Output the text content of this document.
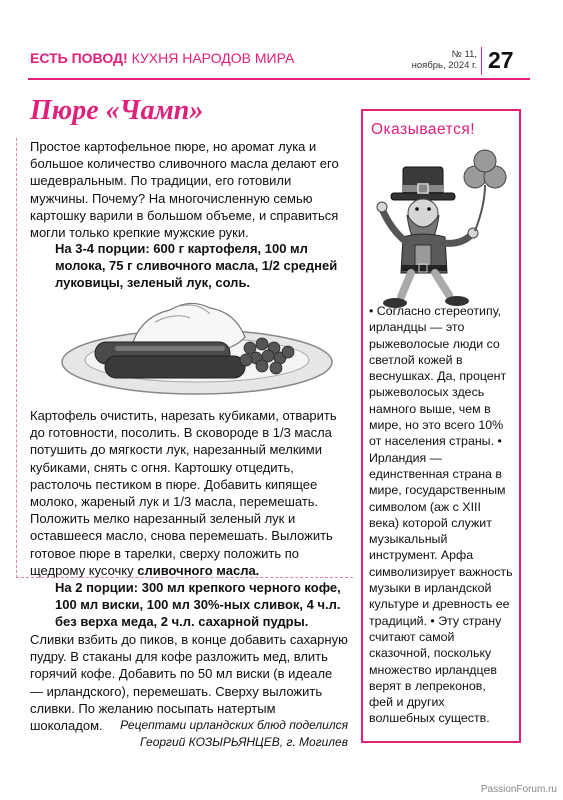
ЕСТЬ ПОВОД! КУХНЯ НАРОДОВ МИРА	№ 11,
ноябрь, 2024 г. 27
Пюре «Чамп»
Простое картофельное пюре, но аромат лука и большое количество сливочного масла делают его шедевральным. По традиции, его готовили мужчины. Почему? На многочисленную семью картошку варили в большом объеме, и справиться могли только крепкие мужские руки.
На 3-4 порции: 600 г картофеля, 100 мл молока, 75 г сливочного масла, 1/2 средней луковицы, зеленый лук, соль.
Картофель очистить, нарезать кубиками, отварить до готовности, посолить. В сковороде в 1/3 масла потушить до мягкости лук, нарезанный мелкими кубиками, снять с огня. Картошку отцедить, растолочь пестиком в пюре. Добавить кипящее молоко, жареный лук и 1/3 масла, перемешать. Положить мелко нарезанный зеленый лук и оставшееся масло, снова перемешать. Выложить готовое пюре в тарелки, сверху положить по щедрому кусочку сливочного масла.
На 2 порции: 300 мл крепкого черного кофе, 100 мл виски, 100 мл 30%-ных сливок, 4 ч.л. без верха меда, 2 ч.л. сахарной пудры.
Сливки взбить до пиков, в конце добавить сахарную пудру. В стаканы для кофе разложить мед, влить горячий кофе. Добавить по 50 мл виски (в идеале — ирландского), перемешать. Сверху выложить сливки. По желанию посыпать натертым шоколадом.	Рецептами ирландских блюд поделился
Георгий КОЗЫРЬЯНЦЕВ, г. Могилев
Оказывается!
• Согласно стереотипу, ирландцы — это рыжеволосые люди со светлой кожей в веснушках. Да, процент рыжеволосых здесь намного выше, чем в мире, но это всего 10% от населения страны. • Ирландия — единственная страна в мире, государственным символом (аж с XIII века) которой служит музыкальный инструмент. Арфа символизирует важность музыки в ирландской культуре и древность ее традиций. • Эту страну считают самой сказочной, поскольку множество ирландцев верят в лепреконов, фей и других волшебных существ.
PassionForum.ru
